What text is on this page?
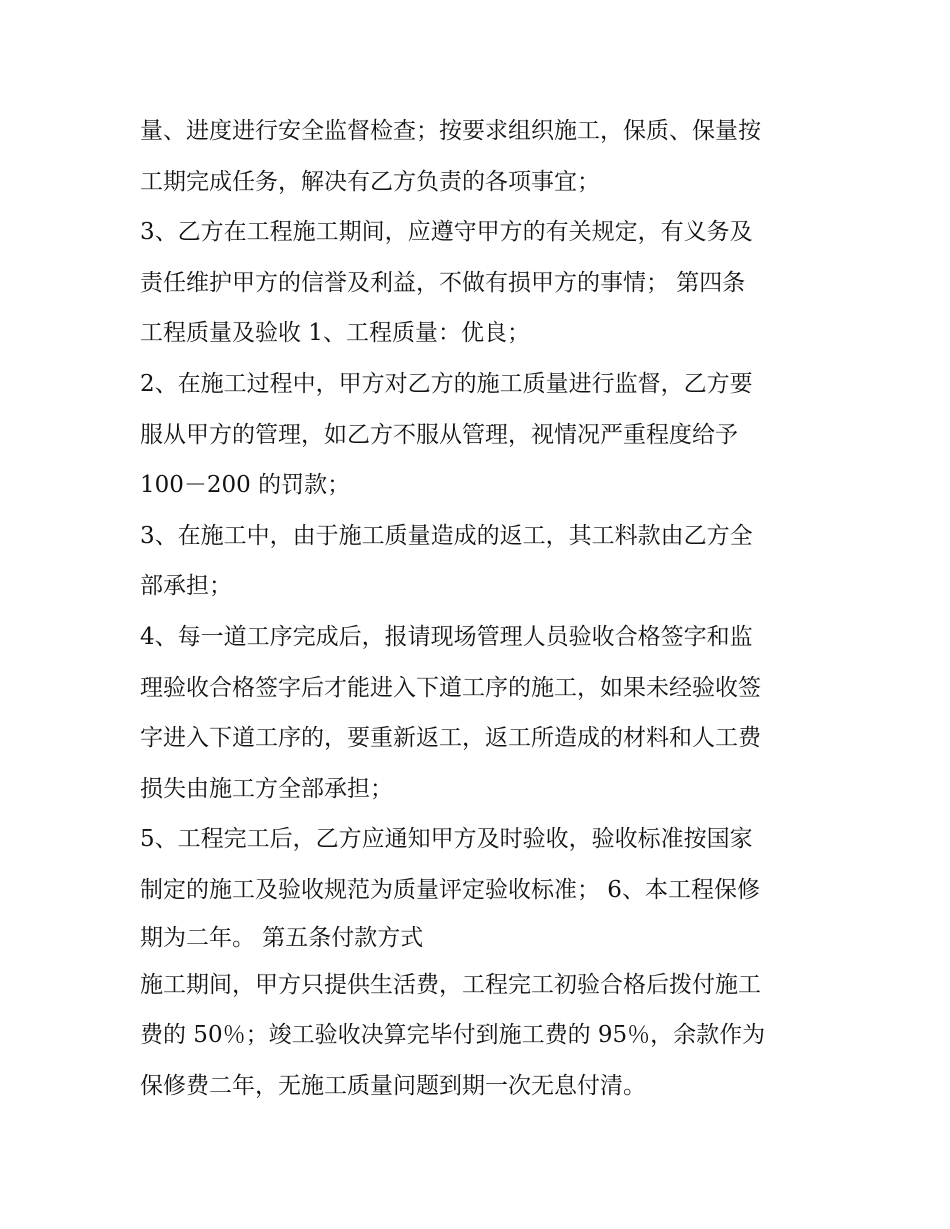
量、进度进行安全监督检查；按要求组织施工，保质、保量按
工期完成任务，解决有乙方负责的各项事宜；
3、乙方在工程施工期间，应遵守甲方的有关规定，有义务及
责任维护甲方的信誉及利益，不做有损甲方的事情； 第四条
工程质量及验收 1、工程质量：优良；
2、在施工过程中，甲方对乙方的施工质量进行监督，乙方要
服从甲方的管理，如乙方不服从管理，视情况严重程度给予
100－200 的罚款；
3、在施工中，由于施工质量造成的返工，其工料款由乙方全
部承担；
4、每一道工序完成后，报请现场管理人员验收合格签字和监
理验收合格签字后才能进入下道工序的施工，如果未经验收签
字进入下道工序的，要重新返工，返工所造成的材料和人工费
损失由施工方全部承担；
5、工程完工后，乙方应通知甲方及时验收，验收标准按国家
制定的施工及验收规范为质量评定验收标准； 6、本工程保修
期为二年。 第五条付款方式
施工期间，甲方只提供生活费，工程完工初验合格后拨付施工
费的 50％；竣工验收决算完毕付到施工费的 95％，余款作为
保修费二年，无施工质量问题到期一次无息付清。
